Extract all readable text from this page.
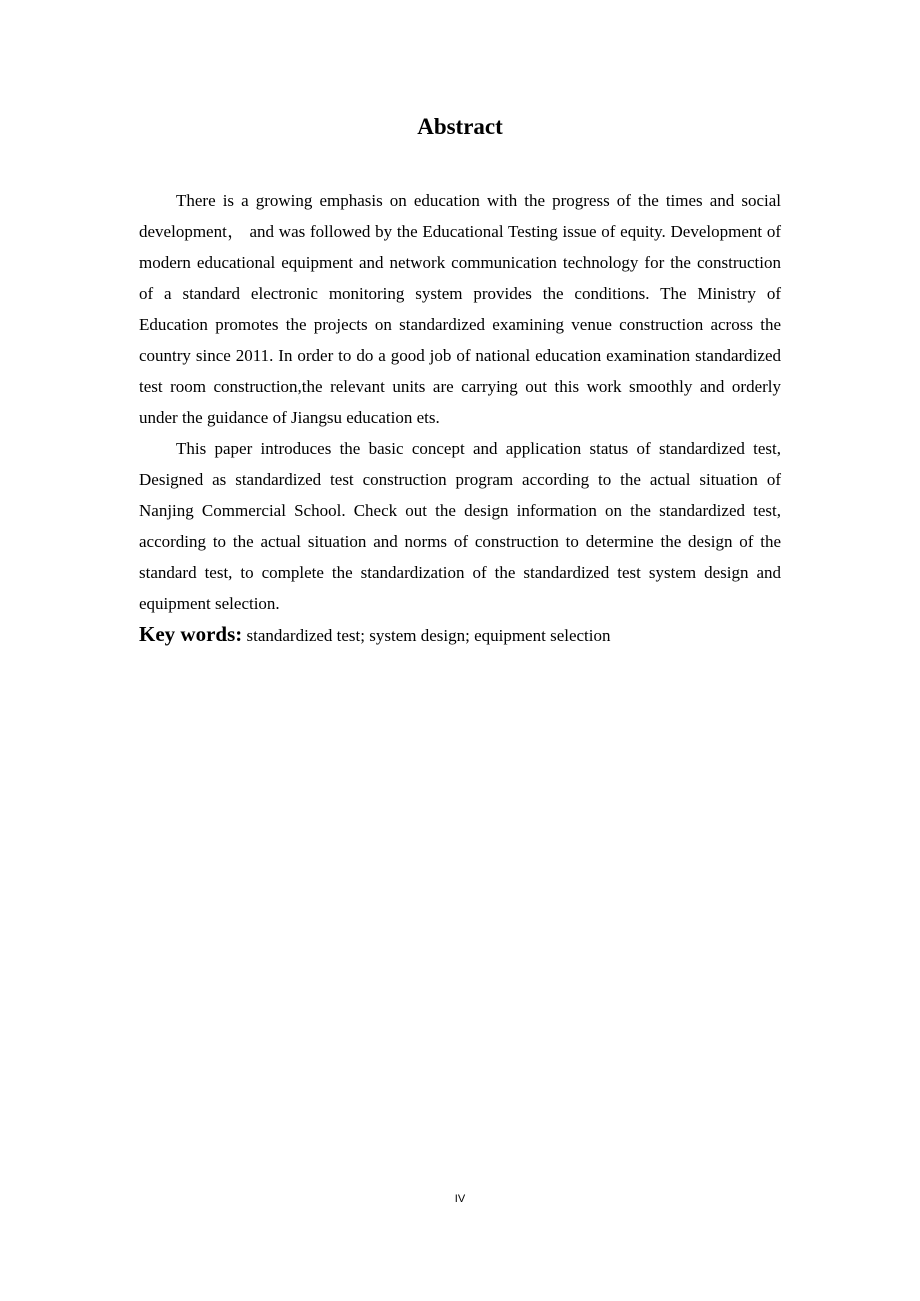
Abstract

There is a growing emphasis on education with the progress of the times and social development， and was followed by the Educational Testing issue of equity. Development of modern educational equipment and network communication technology for the construction of a standard electronic monitoring system provides the conditions. The Ministry of Education promotes the projects on standardized examining venue construction across the country since 2011. In order to do a good job of national education examination standardized test room construction,the relevant units are carrying out this work smoothly and orderly under the guidance of Jiangsu education ets.

This paper introduces the basic concept and application status of standardized test, Designed as standardized test construction program according to the actual situation of Nanjing Commercial School. Check out the design information on the standardized test, according to the actual situation and norms of construction to determine the design of the standard test, to complete the standardization of the standardized test system design and equipment selection.

Key words: standardized test; system design; equipment selection

IV
